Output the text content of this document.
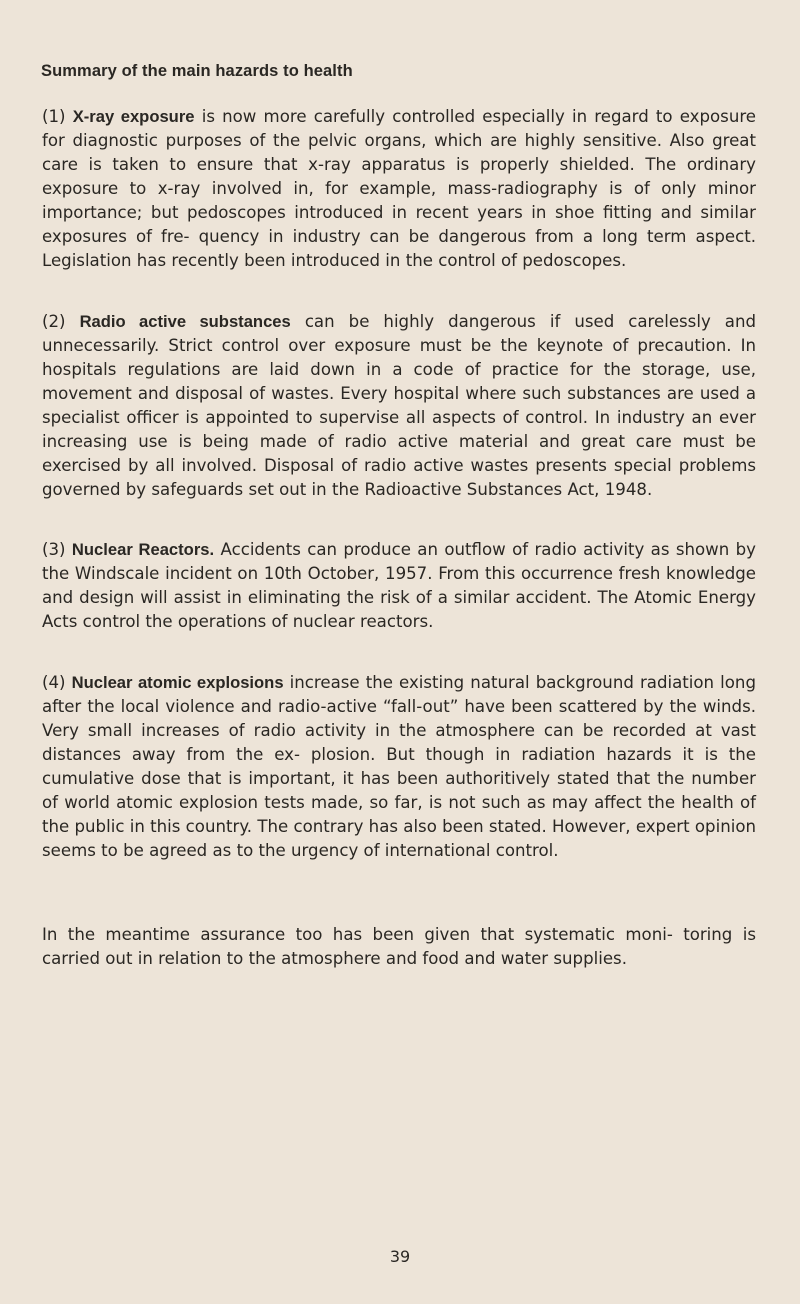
Summary of the main hazards to health

(1) X-ray exposure is now more carefully controlled especially in regard to exposure for diagnostic purposes of the pelvic organs, which are highly sensitive. Also great care is taken to ensure that x-ray apparatus is properly shielded. The ordinary exposure to x-ray involved in, for example, mass-radiography is of only minor importance; but pedoscopes introduced in recent years in shoe fitting and similar exposures of fre- quency in industry can be dangerous from a long term aspect. Legislation has recently been introduced in the control of pedoscopes.

(2) Radio active substances can be highly dangerous if used carelessly and unnecessarily. Strict control over exposure must be the keynote of precaution. In hospitals regulations are laid down in a code of practice for the storage, use, movement and disposal of wastes. Every hospital where such substances are used a specialist officer is appointed to supervise all aspects of control. In industry an ever increasing use is being made of radio active material and great care must be exercised by all involved. Disposal of radio active wastes presents special problems governed by safeguards set out in the Radioactive Substances Act, 1948.

(3) Nuclear Reactors. Accidents can produce an outflow of radio activity as shown by the Windscale incident on 10th October, 1957. From this occurrence fresh knowledge and design will assist in eliminating the risk of a similar accident. The Atomic Energy Acts control the operations of nuclear reactors.

(4) Nuclear atomic explosions increase the existing natural background radiation long after the local violence and radio-active “fall-out” have been scattered by the winds. Very small increases of radio activity in the atmosphere can be recorded at vast distances away from the ex- plosion. But though in radiation hazards it is the cumulative dose that is important, it has been authoritively stated that the number of world atomic explosion tests made, so far, is not such as may affect the health of the public in this country. The contrary has also been stated. However, expert opinion seems to be agreed as to the urgency of international control.

In the meantime assurance too has been given that systematic moni- toring is carried out in relation to the atmosphere and food and water supplies.

39
